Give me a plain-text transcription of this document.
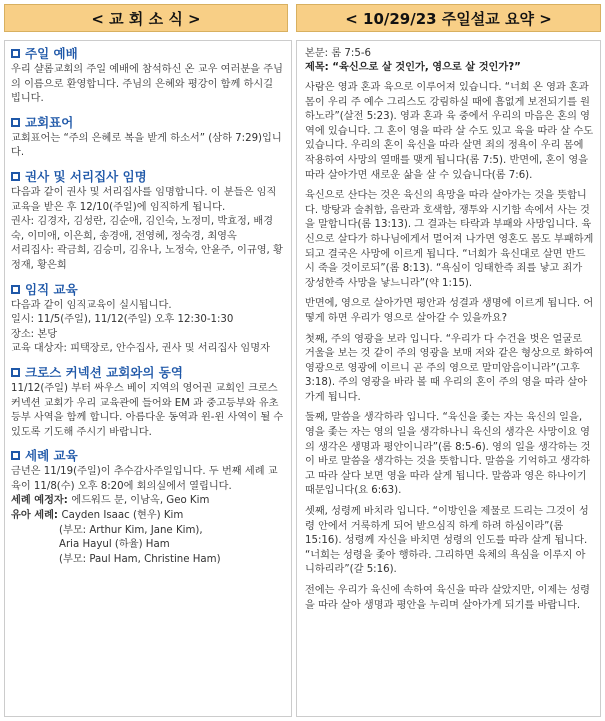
< 교 회 소 식 >	< 10/29/23 주일설교 요약 >
주일 예배

우리 샬롬교회의 주일 예배에 참석하신 온 교우 여러분을 주님의 이름으로 환영합니다. 주님의 은혜와 평강이 함께 하시길 빕니다.

교회표어

교회표어는 “주의 은혜로 복을 받게 하소서” (삼하 7:29)입니다.

권사 및 서리집사 임명

다음과 같이 권사 및 서리집사를 임명합니다. 이 분들은 임직교육을 받은 후 12/10(주일)에 임직하게 됩니다.

권사: 김경자, 김성란, 김순애, 김인숙, 노정미, 박효정, 배경숙, 이미애, 이은희, 송경애, 전영혜, 정숙경, 최영옥

서리집사: 곽금희, 김승미, 김유나, 노정숙, 안윤주, 이규영, 황정재, 황은희

임직 교육

다음과 같이 임직교육이 실시됩니다.

일시: 11/5(주일), 11/12(주일) 오후 12:30-1:30

장소: 본당

교육 대상자: 피택장로, 안수집사, 권사 및 서리집사 임명자

크로스 커넥션 교회와의 동역

11/12(주일) 부터 싸우스 베이 지역의 영어권 교회인 크로스 커넥션 교회가 우리 교육관에 들어와 EM 과 중고등부와 유초등부 사역을 함께 합니다. 아름다운 동역과 윈-윈 사역이 될 수 있도록 기도해 주시기 바랍니다.

세례 교육

금년은 11/19(주일)이 추수감사주일입니다. 두 번째 세례 교육이 11/8(수) 오후 8:20에 회의실에서 열립니다.

세례 예정자: 에드워드 문, 이남옥, Geo Kim
유아 세례: Cayden Isaac (현우) Kim

(부모: Arthur Kim, Jane Kim),

Aria Hayul (하율) Ham

(부모: Paul Ham, Christine Ham)

본문: 롬 7:5-6

제목: “육신으로 살 것인가, 영으로 살 것인가?”

사람은 영과 혼과 육으로 이루어져 있습니다. “너희 온 영과 혼과 몸이 우리 주 예수 그리스도 강림하실 때에 흠없게 보전되기를 원하노라”(살전 5:23). 영과 혼과 육 중에서 우리의 마음은 혼의 영역에 있습니다. 그 혼이 영을 따라 살 수도 있고 육을 따라 살 수도 있습니다. 우리의 혼이 육신을 따라 살면 죄의 정욕이 우리 몸에 작용하여 사망의 열매를 맺게 됩니다(롬 7:5). 반면에, 혼이 영을 따라 살아가면 새로운 삶을 살 수 있습니다(롬 7:6).

육신으로 산다는 것은 육신의 욕망을 따라 살아가는 것을 뜻합니다. 방탕과 술취함, 음란과 호색함, 쟁투와 시기함 속에서 사는 것을 말합니다(롬 13:13). 그 결과는 타락과 부패와 사망입니다. 육신으로 살다가 하나님에게서 멀어져 나가면 영혼도 몸도 부패하게 되고 결국은 사망에 이르게 됩니다. “너희가 육신대로 살면 반드시 죽을 것이로되”(롬 8:13). “욕심이 잉태한즉 죄를 낳고 죄가 장성한즉 사망을 낳느니라”(약 1:15).

반면에, 영으로 살아가면 평안과 성결과 생명에 이르게 됩니다. 어떻게 하면 우리가 영으로 살아갈 수 있을까요?

첫째, 주의 영광을 보라 입니다. “우리가 다 수건을 벗은 얼굴로 거울을 보는 것 같이 주의 영광을 보매 저와 같은 형상으로 화하여 영광으로 영광에 이르니 곧 주의 영으로 말미암음이니라”(고후 3:18). 주의 영광을 바라 볼 때 우리의 혼이 주의 영을 따라 살아가게 됩니다.

둘째, 말씀을 생각하라 입니다. “육신을 좇는 자는 육신의 일을, 영을 좇는 자는 영의 일을 생각하나니 육신의 생각은 사망이요 영의 생각은 생명과 평안이니라”(롬 8:5-6). 영의 일을 생각하는 것이 바로 말씀을 생각하는 것을 뜻합니다. 말씀을 기억하고 생각하고 따라 살다 보면 영을 따라 살게 됩니다. 말씀과 영은 하나이기 때문입니다(요 6:63).

셋째, 성령께 바치라 입니다. “이방인을 제물로 드리는 그것이 성령 안에서 거룩하게 되어 받으심직 하게 하려 하심이라”(롬 15:16). 성령께 자신을 바치면 성령의 인도를 따라 살게 됩니다. “너희는 성령을 좇아 행하라. 그리하면 육체의 욕심을 이루지 아니하리라”(갈 5:16).

전에는 우리가 육신에 속하여 육신을 따라 살았지만, 이제는 성령을 따라 살아 생명과 평안을 누리며 살아가게 되기를 바랍니다.
